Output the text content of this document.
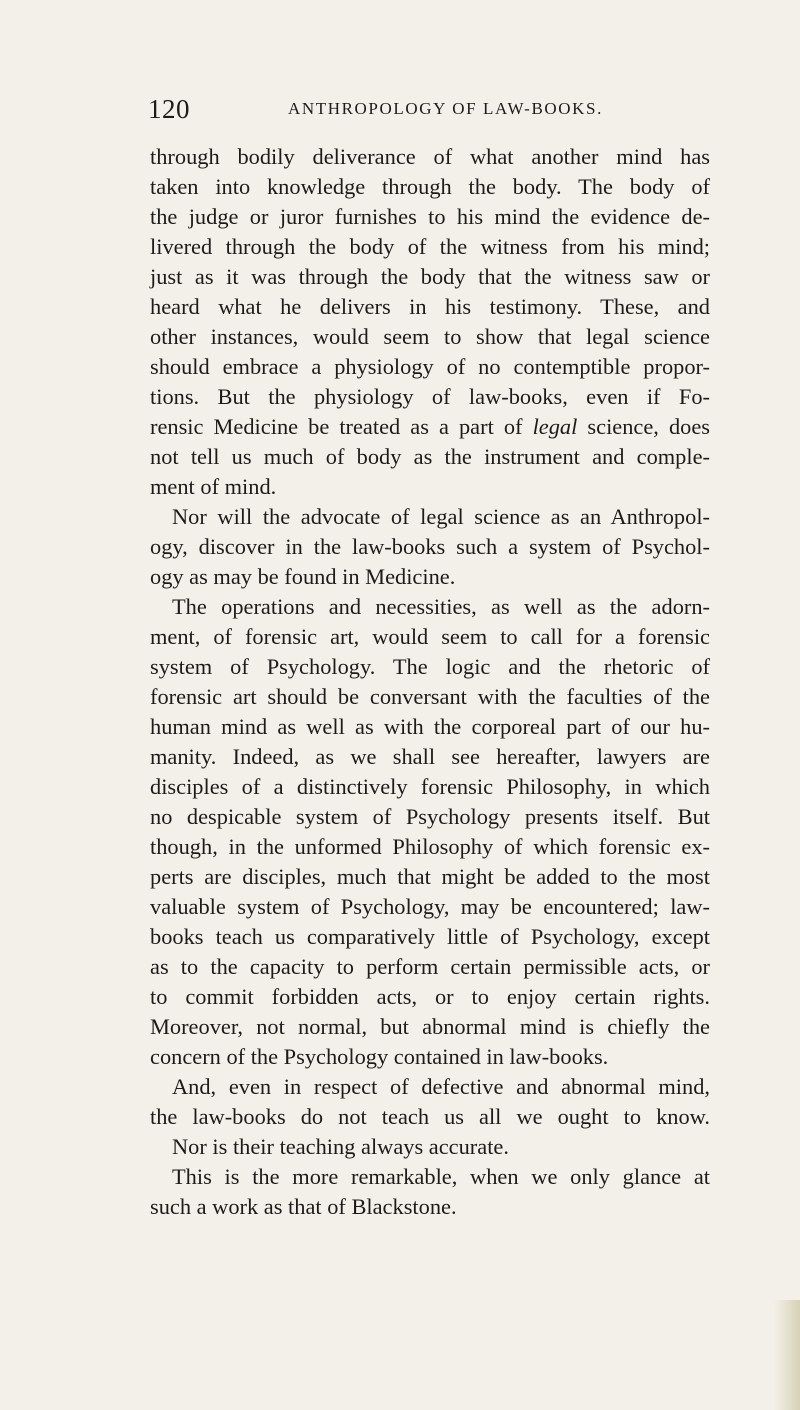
120	ANTHROPOLOGY OF LAW-BOOKS.
through bodily deliverance of what another mind has
taken into knowledge through the body. The body of
the judge or juror furnishes to his mind the evidence de-
livered through the body of the witness from his mind;
just as it was through the body that the witness saw or
heard what he delivers in his testimony. These, and
other instances, would seem to show that legal science
should embrace a physiology of no contemptible propor-
tions. But the physiology of law-books, even if Fo-
rensic Medicine be treated as a part of legal science, does
not tell us much of body as the instrument and comple-
ment of mind.
Nor will the advocate of legal science as an Anthropol-
ogy, discover in the law-books such a system of Psychol-
ogy as may be found in Medicine.
The operations and necessities, as well as the adorn-
ment, of forensic art, would seem to call for a forensic
system of Psychology. The logic and the rhetoric of
forensic art should be conversant with the faculties of the
human mind as well as with the corporeal part of our hu-
manity. Indeed, as we shall see hereafter, lawyers are
disciples of a distinctively forensic Philosophy, in which
no despicable system of Psychology presents itself. But
though, in the unformed Philosophy of which forensic ex-
perts are disciples, much that might be added to the most
valuable system of Psychology, may be encountered; law-
books teach us comparatively little of Psychology, except
as to the capacity to perform certain permissible acts, or
to commit forbidden acts, or to enjoy certain rights.
Moreover, not normal, but abnormal mind is chiefly the
concern of the Psychology contained in law-books.
And, even in respect of defective and abnormal mind,
the law-books do not teach us all we ought to know.
Nor is their teaching always accurate.
This is the more remarkable, when we only glance at
such a work as that of Blackstone.
